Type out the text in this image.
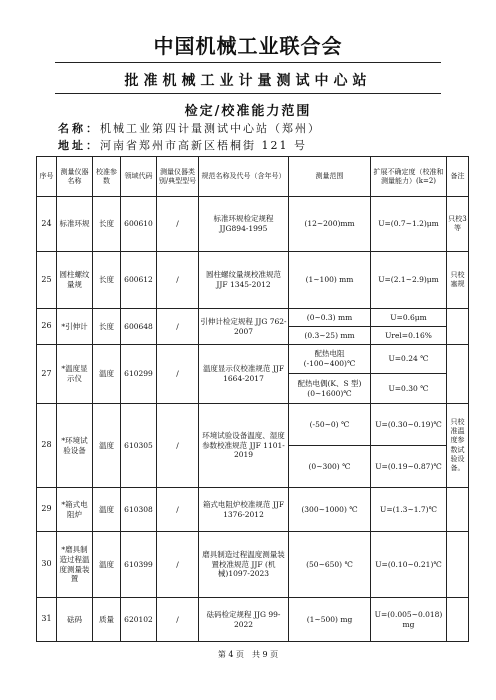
中国机械工业联合会
批准机械工业计量测试中心站
检定/校准能力范围
名称：机械工业第四计量测试中心站（郑州）
地址：河南省郑州市高新区梧桐街 121 号
序号	测量仪器名称	校准参数	领域代码	测量仪器类别/典型型号	规范名称及代号（含年号）	测量范围	扩展不确定度（校准和测量能力）(k=2)	备注
24	标准环规	长度	600610	/	标准环规检定规程 JJG894-1995	(12~200)mm	U=(0.7~1.2)μm	只校3等
25	圆柱螺纹量规	长度	600612	/	圆柱螺纹量规校准规范 JJF 1345-2012	(1~100) mm	U=(2.1~2.9)μm	只校塞规
26	*引伸计	长度	600648	/	引伸计检定规程 JJG 762-2007	(0~0.3) mm	U=0.6μm	
						(0.3~25) mm	Urel=0.16%	
27	*温度显示仪	温度	610299	/	温度显示仪校准规范 JJF 1664-2017	配热电阻(-100~400)℃	U=0.24 ℃	
						配热电偶(K、S 型)(0~1600)℃	U=0.30 ℃	
28	*环境试验设备	温度	610305	/	环境试验设备温度、湿度参数校准规范 JJF 1101-2019	(-50~0) ℃	U=(0.30~0.19)℃	只校准温度参数试验设备。
						(0~300) ℃	U=(0.19~0.87)℃	
29	*箱式电阻炉	温度	610308	/	箱式电阻炉校准规范 JJF 1376-2012	(300~1000) ℃	U=(1.3~1.7)℃	
30	*磨具制造过程温度测量装置	温度	610399	/	磨具制造过程温度测量装置校准规范 JJF (机械)1097-2023	(50~650) ℃	U=(0.10~0.21)℃	
31	砝码	质量	620102	/	砝码检定规程 JJG 99-2022	(1~500) mg	U=(0.005~0.018) mg	
第 4 页　共 9 页
